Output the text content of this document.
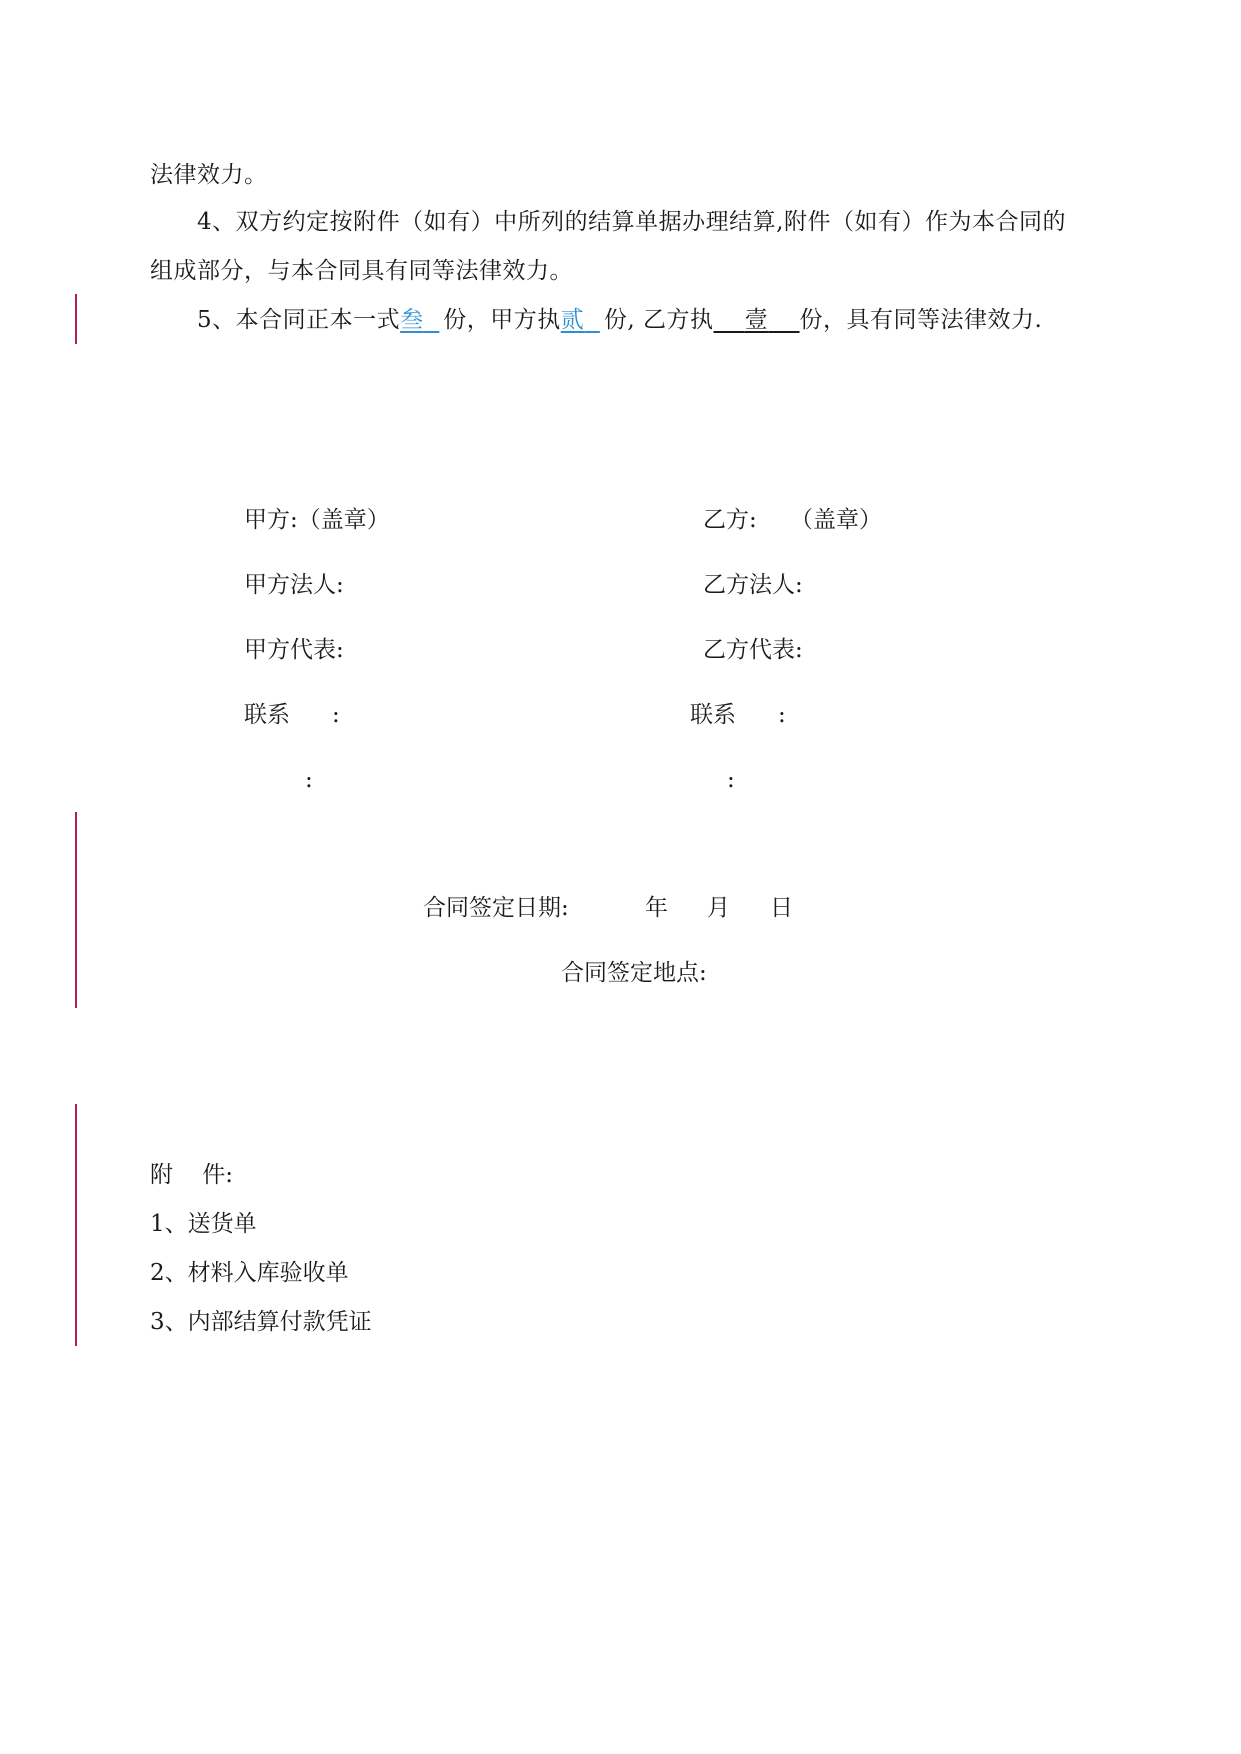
法律效力。
4、双方约定按附件（如有）中所列的结算单据办理结算,附件（如有）作为本合同的
组成部分，与本合同具有同等法律效力。
5、本合同正本一式叁 份，甲方执贰 份, 乙方执 壹 份，具有同等法律效力.
甲方:（盖章）
甲方法人:
甲方代表:
联系 :
:
乙方: （盖章）
乙方法人:
乙方代表:
联系 :
:
合同签定日期:	年 月 日
合同签定地点:
附 件:
1、送货单
2、材料入库验收单
3、内部结算付款凭证
